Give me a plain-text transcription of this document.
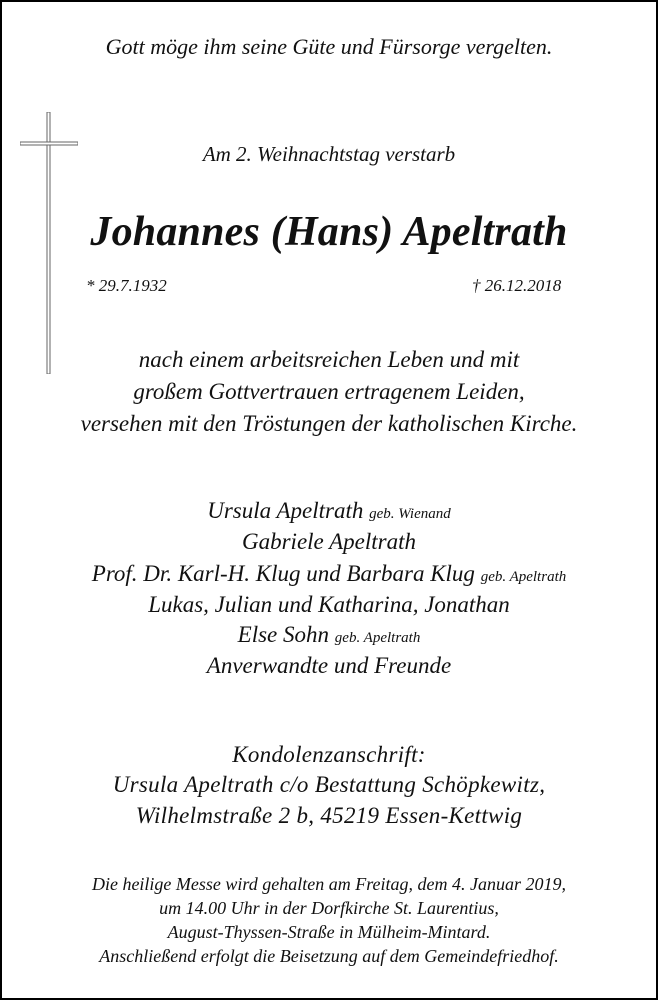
Gott möge ihm seine Güte und Fürsorge vergelten.
Am 2. Weihnachtstag verstarb
Johannes (Hans) Apeltrath
* 29.7.1932	† 26.12.2018
nach einem arbeitsreichen Leben und mit
großem Gottvertrauen ertragenem Leiden,
versehen mit den Tröstungen der katholischen Kirche.
Ursula Apeltrath geb. Wienand
Gabriele Apeltrath
Prof. Dr. Karl-H. Klug und Barbara Klug geb. Apeltrath
Lukas, Julian und Katharina, Jonathan
Else Sohn geb. Apeltrath
Anverwandte und Freunde
Kondolenzanschrift:
Ursula Apeltrath c/o Bestattung Schöpkewitz,
Wilhelmstraße 2 b, 45219 Essen-Kettwig
Die heilige Messe wird gehalten am Freitag, dem 4. Januar 2019,
um 14.00 Uhr in der Dorfkirche St. Laurentius,
August-Thyssen-Straße in Mülheim-Mintard.
Anschließend erfolgt die Beisetzung auf dem Gemeindefriedhof.
